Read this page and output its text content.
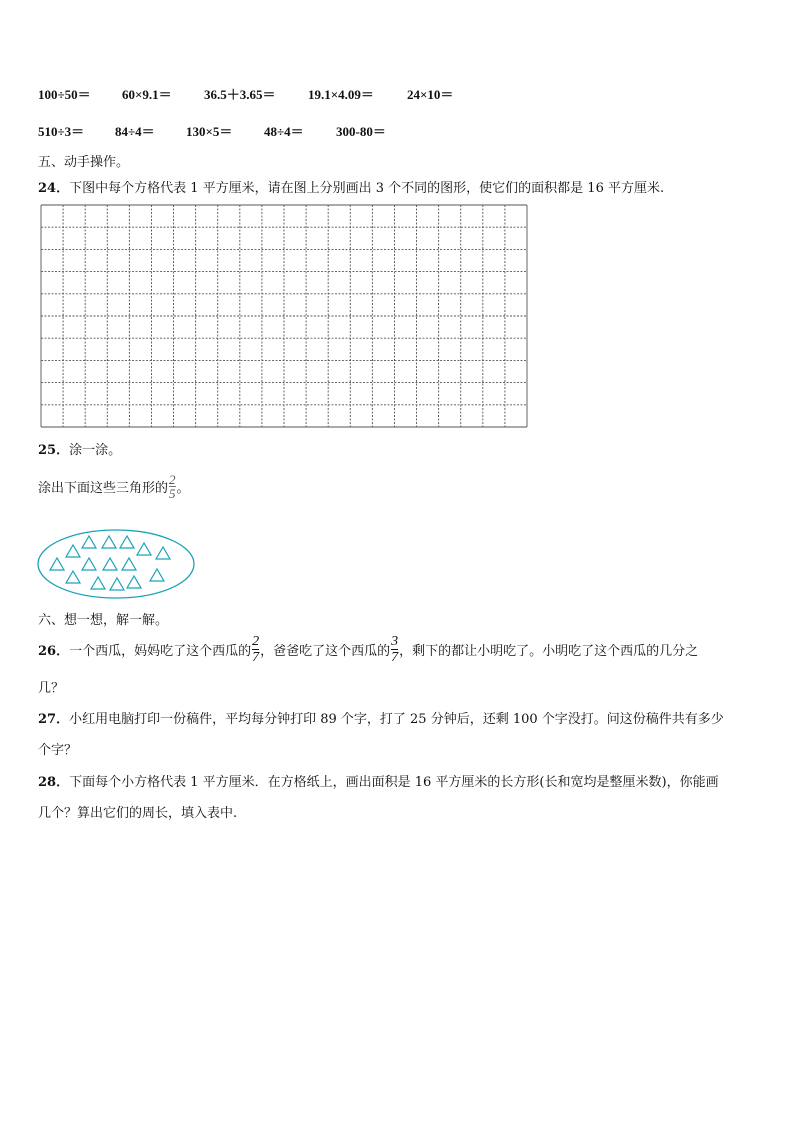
100÷50＝ 60×9.1＝ 36.5＋3.65＝ 19.1×4.09＝	24×10＝
510÷3＝ 84÷4＝ 130×5＝ 48÷4＝ 300-80＝
五、动手操作。
24．下图中每个方格代表 1 平方厘米，请在图上分别画出 3 个不同的图形，使它们的面积都是 16 平方厘米.
25．涂一涂。
涂出下面这些三角形的 $\frac{2}{5}$ 。
六、想一想，解一解。
26．一个西瓜，妈妈吃了这个西瓜的 $\frac{2}{7}$ ，爸爸吃了这个西瓜的 $\frac{3}{7}$ ，剩下的都让小明吃了。小明吃了这个西瓜的几分之
几？
27．小红用电脑打印一份稿件，平均每分钟打印 89 个字，打了 25 分钟后，还剩 100 个字没打。问这份稿件共有多少
个字？
28．下面每个小方格代表 1 平方厘米．在方格纸上，画出面积是 16 平方厘米的长方形(长和宽均是整厘米数)，你能画
几个？算出它们的周长，填入表中.
